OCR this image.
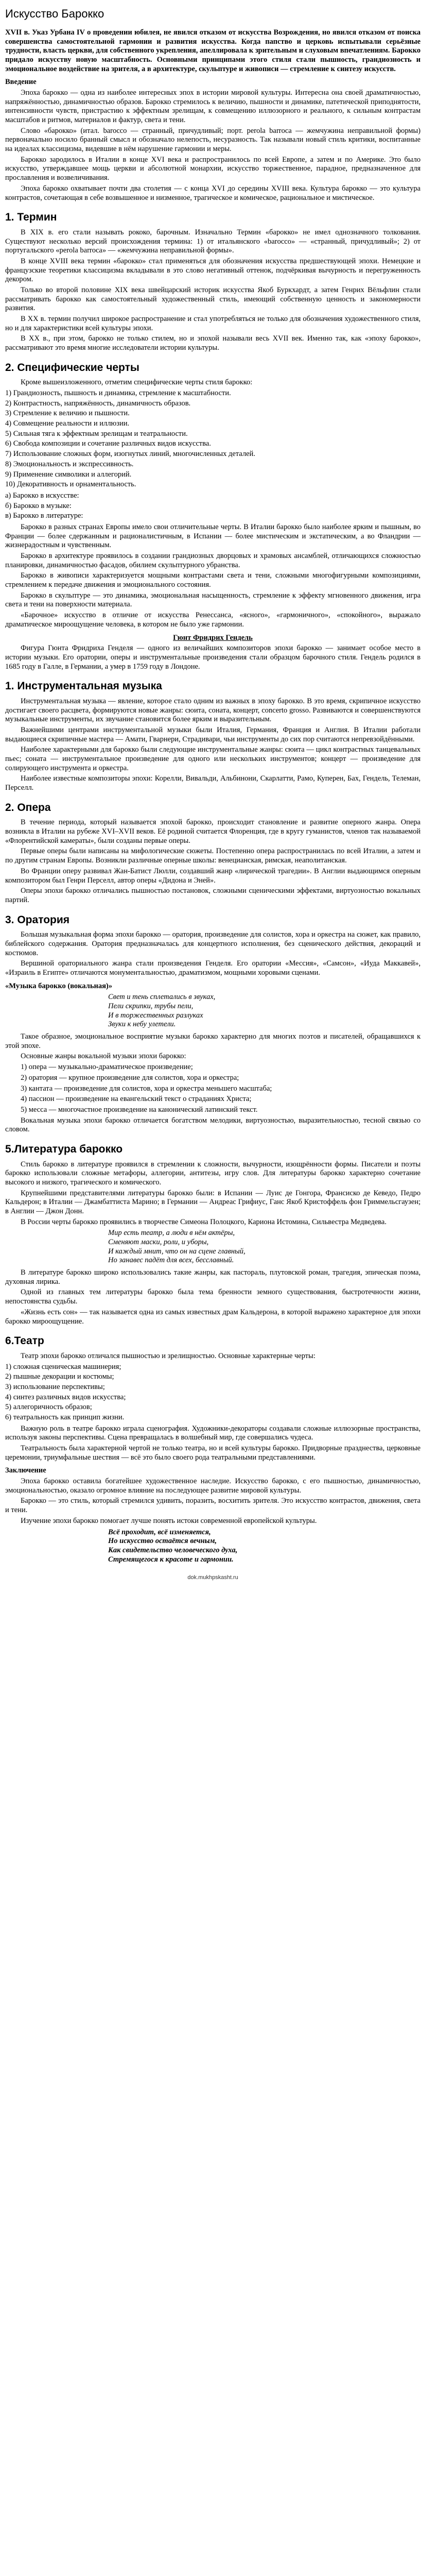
Искусство Барокко

XVII в. Указ Урбана IV о проведении юбилея, не явился отказом от искусства Возрождения, но явился отказом от поиска совершенства самостоятельной гармонии и развития искусства. Когда папство и церковь испытывали серьёзные трудности, власть церкви, для собственного укрепления, апеллировала к зрительным и слуховым впечатлениям. Барокко придало искусству новую масштабность. Основными принципами этого стиля стали пышность, грандиозность и эмоциональное воздействие на зрителя, а в архитектуре, скульптуре и живописи — стремление к синтезу искусств.

Введение

Эпоха барокко — одна из наиболее интересных эпох в истории мировой культуры. Интересна она своей драматичностью, напряжённостью, динамичностью образов. Барокко стремилось к величию, пышности и динамике, патетической приподнятости, интенсивности чувств, пристрастию к эффектным зрелищам, к совмещению иллюзорного и реального, к сильным контрастам масштабов и ритмов, материалов и фактур, света и тени.

Слово «барокко» (итал. barocco — странный, причудливый; порт. perola barroca — жемчужина неправильной формы) первоначально носило бранный смысл и обозначало нелепость, несуразность. Так называли новый стиль критики, воспитанные на идеалах классицизма, видевшие в нём нарушение гармонии и меры.

Барокко зародилось в Италии в конце XVI века и распространилось по всей Европе, а затем и по Америке. Это было искусство, утверждавшее мощь церкви и абсолютной монархии, искусство торжественное, парадное, предназначенное для прославления и возвеличивания.

Эпоха барокко охватывает почти два столетия — с конца XVI до середины XVIII века. Культура барокко — это культура контрастов, сочетающая в себе возвышенное и низменное, трагическое и комическое, рациональное и мистическое.

1. Термин

В XIX в. его стали называть рококо, барочным. Изначально Термин «барокко» не имел однозначного толкования. Существуют несколько версий происхождения термина: 1) от итальянского «barocco» — «странный, причудливый»; 2) от португальского «perola barroca» — «жемчужина неправильной формы».

В конце XVIII века термин «барокко» стал применяться для обозначения искусства предшествующей эпохи. Немецкие и французские теоретики классицизма вкладывали в это слово негативный оттенок, подчёркивая вычурность и перегруженность декором.

Только во второй половине XIX века швейцарский историк искусства Якоб Буркхардт, а затем Генрих Вёльфлин стали рассматривать барокко как самостоятельный художественный стиль, имеющий собственную ценность и закономерности развития.

В XX в. термин получил широкое распространение и стал употребляться не только для обозначения художественного стиля, но и для характеристики всей культуры эпохи.

В XX в., при этом, барокко не только стилем, но и эпохой называли весь XVII век. Именно так, как «эпоху барокко», рассматривают это время многие исследователи истории культуры.

2. Специфические черты

Кроме вышеизложенного, отметим специфические черты стиля барокко:

1) Грандиозность, пышность и динамика, стремление к масштабности.

2) Контрастность, напряжённость, динамичность образов.

3) Стремление к величию и пышности.

4) Совмещение реальности и иллюзии.

5) Сильная тяга к эффектным зрелищам и театральности.

6) Свобода композиции и сочетание различных видов искусства.

7) Использование сложных форм, изогнутых линий, многочисленных деталей.

8) Эмоциональность и экспрессивность.

9) Применение символики и аллегорий.

10) Декоративность и орнаментальность.

а) Барокко в искусстве:

б) Барокко в музыке:

в) Барокко в литературе:

Барокко в разных странах Европы имело свои отличительные черты. В Италии барокко было наиболее ярким и пышным, во Франции — более сдержанным и рационалистичным, в Испании — более мистическим и экстатическим, а во Фландрии — жизнерадостным и чувственным.

Барокко в архитектуре проявилось в создании грандиозных дворцовых и храмовых ансамблей, отличающихся сложностью планировки, динамичностью фасадов, обилием скульптурного убранства.

Барокко в живописи характеризуется мощными контрастами света и тени, сложными многофигурными композициями, стремлением к передаче движения и эмоционального состояния.

Барокко в скульптуре — это динамика, эмоциональная насыщенность, стремление к эффекту мгновенного движения, игра света и тени на поверхности материала.

«Барочное» искусство в отличие от искусства Ренессанса, «ясного», «гармоничного», «спокойного», выражало драматическое мироощущение человека, в котором не было уже гармонии.

Гюнт Фридрих Гендель

Фигура Гюнта Фридриха Генделя — одного из величайших композиторов эпохи барокко — занимает особое место в истории музыки. Его оратории, оперы и инструментальные произведения стали образцом барочного стиля. Гендель родился в 1685 году в Галле, в Германии, а умер в 1759 году в Лондоне.

1. Инструментальная музыка

Инструментальная музыка — явление, которое стало одним из важных в эпоху барокко. В это время, скрипичное искусство достигает своего расцвета, формируются новые жанры: сюита, соната, концерт, concerto grosso. Развиваются и совершенствуются музыкальные инструменты, их звучание становится более ярким и выразительным.

Важнейшими центрами инструментальной музыки были Италия, Германия, Франция и Англия. В Италии работали выдающиеся скрипичные мастера — Амати, Гварнери, Страдивари, чьи инструменты до сих пор считаются непревзойдёнными.

Наиболее характерными для барокко были следующие инструментальные жанры: сюита — цикл контрастных танцевальных пьес; соната — инструментальное произведение для одного или нескольких инструментов; концерт — произведение для солирующего инструмента и оркестра.

Наиболее известные композиторы эпохи: Корелли, Вивальди, Альбинони, Скарлатти, Рамо, Куперен, Бах, Гендель, Телеман, Перселл.

2. Опера

В течение периода, который называется эпохой барокко, происходит становление и развитие оперного жанра. Опера возникла в Италии на рубеже XVI–XVII веков. Её родиной считается Флоренция, где в кругу гуманистов, членов так называемой «Флорентийской камераты», были созданы первые оперы.

Первые оперы были написаны на мифологические сюжеты. Постепенно опера распространилась по всей Италии, а затем и по другим странам Европы. Возникли различные оперные школы: венецианская, римская, неаполитанская.

Во Франции оперу развивал Жан-Батист Люлли, создавший жанр «лирической трагедии». В Англии выдающимся оперным композитором был Генри Перселл, автор оперы «Дидона и Эней».

Оперы эпохи барокко отличались пышностью постановок, сложными сценическими эффектами, виртуозностью вокальных партий.

3. Оратория

Большая музыкальная форма эпохи барокко — оратория, произведение для солистов, хора и оркестра на сюжет, как правило, библейского содержания. Оратория предназначалась для концертного исполнения, без сценического действия, декораций и костюмов.

Вершиной ораториального жанра стали произведения Генделя. Его оратории «Мессия», «Самсон», «Иуда Маккавей», «Израиль в Египте» отличаются монументальностью, драматизмом, мощными хоровыми сценами.

«Музыка барокко (вокальная)»

Свет и тень сплетались в звуках,

Пели скрипки, трубы пели,

И в торжественных разлуках

Звуки к небу улетели.

Такое образное, эмоциональное восприятие музыки барокко характерно для многих поэтов и писателей, обращавшихся к этой эпохе.

Основные жанры вокальной музыки эпохи барокко:

1) опера — музыкально-драматическое произведение;

2) оратория — крупное произведение для солистов, хора и оркестра;

3) кантата — произведение для солистов, хора и оркестра меньшего масштаба;

4) пассион — произведение на евангельский текст о страданиях Христа;

5) месса — многочастное произведение на канонический латинский текст.

Вокальная музыка эпохи барокко отличается богатством мелодики, виртуозностью, выразительностью, тесной связью со словом.

5.Литература барокко

Стиль барокко в литературе проявился в стремлении к сложности, вычурности, изощрённости формы. Писатели и поэты барокко использовали сложные метафоры, аллегории, антитезы, игру слов. Для литературы барокко характерно сочетание высокого и низкого, трагического и комического.

Крупнейшими представителями литературы барокко были: в Испании — Луис де Гонгора, Франсиско де Кеведо, Педро Кальдерон; в Италии — Джамбаттиста Марино; в Германии — Андреас Грифиус, Ганс Якоб Кристоффель фон Гриммельсгаузен; в Англии — Джон Донн.

В России черты барокко проявились в творчестве Симеона Полоцкого, Кариона Истомина, Сильвестра Медведева.

Мир есть театр, а люди в нём актёры,

Сменяют маски, роли, и уборы,

И каждый мнит, что он на сцене главный,

Но занавес падёт для всех, бесславный.

В литературе барокко широко использовались такие жанры, как пастораль, плутовской роман, трагедия, эпическая поэма, духовная лирика.

Одной из главных тем литературы барокко была тема бренности земного существования, быстротечности жизни, непостоянства судьбы.

«Жизнь есть сон» — так называется одна из самых известных драм Кальдерона, в которой выражено характерное для эпохи барокко мироощущение.

6.Театр

Театр эпохи барокко отличался пышностью и зрелищностью. Основные характерные черты:

1) сложная сценическая машинерия;

2) пышные декорации и костюмы;

3) использование перспективы;

4) синтез различных видов искусства;

5) аллегоричность образов;

6) театральность как принцип жизни.

Важную роль в театре барокко играла сценография. Художники-декораторы создавали сложные иллюзорные пространства, используя законы перспективы. Сцена превращалась в волшебный мир, где совершались чудеса.

Театральность была характерной чертой не только театра, но и всей культуры барокко. Придворные празднества, церковные церемонии, триумфальные шествия — всё это было своего рода театральными представлениями.

Заключение

Эпоха барокко оставила богатейшее художественное наследие. Искусство барокко, с его пышностью, динамичностью, эмоциональностью, оказало огромное влияние на последующее развитие мировой культуры.

Барокко — это стиль, который стремился удивить, поразить, восхитить зрителя. Это искусство контрастов, движения, света и тени.

Изучение эпохи барокко помогает лучше понять истоки современной европейской культуры.

Всё проходит, всё изменяется,

Но искусство остаётся вечным,

Как свидетельство человеческого духа,

Стремящегося к красоте и гармонии.

dok.mukhpskasht.ru
